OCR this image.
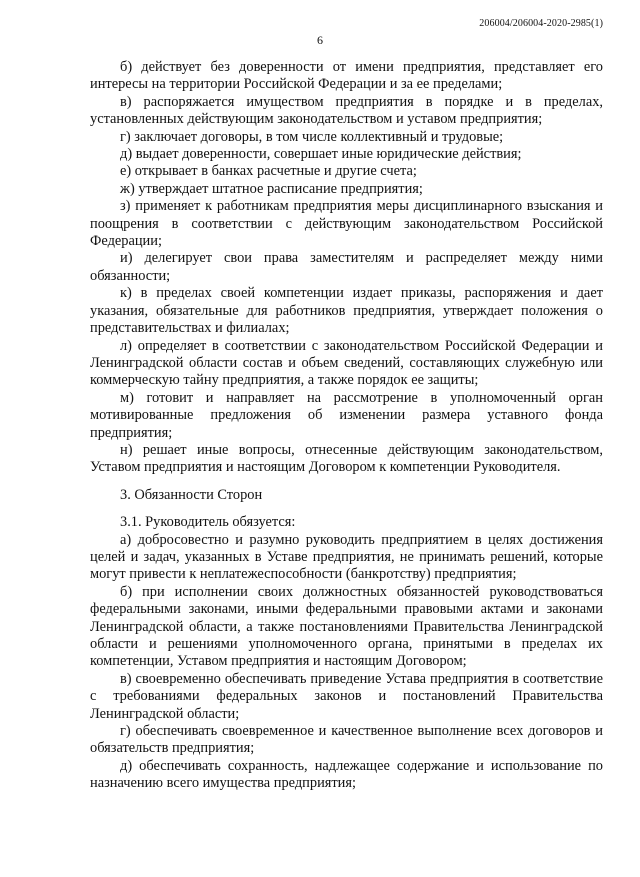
206004/206004-2020-2985(1)
6

б) действует без доверенности от имени предприятия, представляет его интересы на территории Российской Федерации и за ее пределами;

в) распоряжается имуществом предприятия в порядке и в пределах, установленных действующим законодательством и уставом предприятия;

г) заключает договоры, в том числе коллективный и трудовые;

д) выдает доверенности, совершает иные юридические действия;

е) открывает в банках расчетные и другие счета;

ж) утверждает штатное расписание предприятия;

з) применяет к работникам предприятия меры дисциплинарного взыскания и поощрения в соответствии с действующим законодательством Российской Федерации;

и) делегирует свои права заместителям и распределяет между ними обязанности;

к) в пределах своей компетенции издает приказы, распоряжения и дает указания, обязательные для работников предприятия, утверждает положения о представительствах и филиалах;

л) определяет в соответствии с законодательством Российской Федерации и Ленинградской области состав и объем сведений, составляющих служебную или коммерческую тайну предприятия, а также порядок ее защиты;

м) готовит и направляет на рассмотрение в уполномоченный орган мотивированные предложения об изменении размера уставного фонда предприятия;

н) решает иные вопросы, отнесенные действующим законодательством, Уставом предприятия и настоящим Договором к компетенции Руководителя.

3. Обязанности Сторон

3.1. Руководитель обязуется:

а) добросовестно и разумно руководить предприятием в целях достижения целей и задач, указанных в Уставе предприятия, не принимать решений, которые могут привести к неплатежеспособности (банкротству) предприятия;

б) при исполнении своих должностных обязанностей руководствоваться федеральными законами, иными федеральными правовыми актами и законами Ленинградской области, а также постановлениями Правительства Ленинградской области и решениями уполномоченного органа, принятыми в пределах их компетенции, Уставом предприятия и настоящим Договором;

в) своевременно обеспечивать приведение Устава предприятия в соответствие с требованиями федеральных законов и постановлений Правительства Ленинградской области;

г) обеспечивать своевременное и качественное выполнение всех договоров и обязательств предприятия;

д) обеспечивать сохранность, надлежащее содержание и использование по назначению всего имущества предприятия;
